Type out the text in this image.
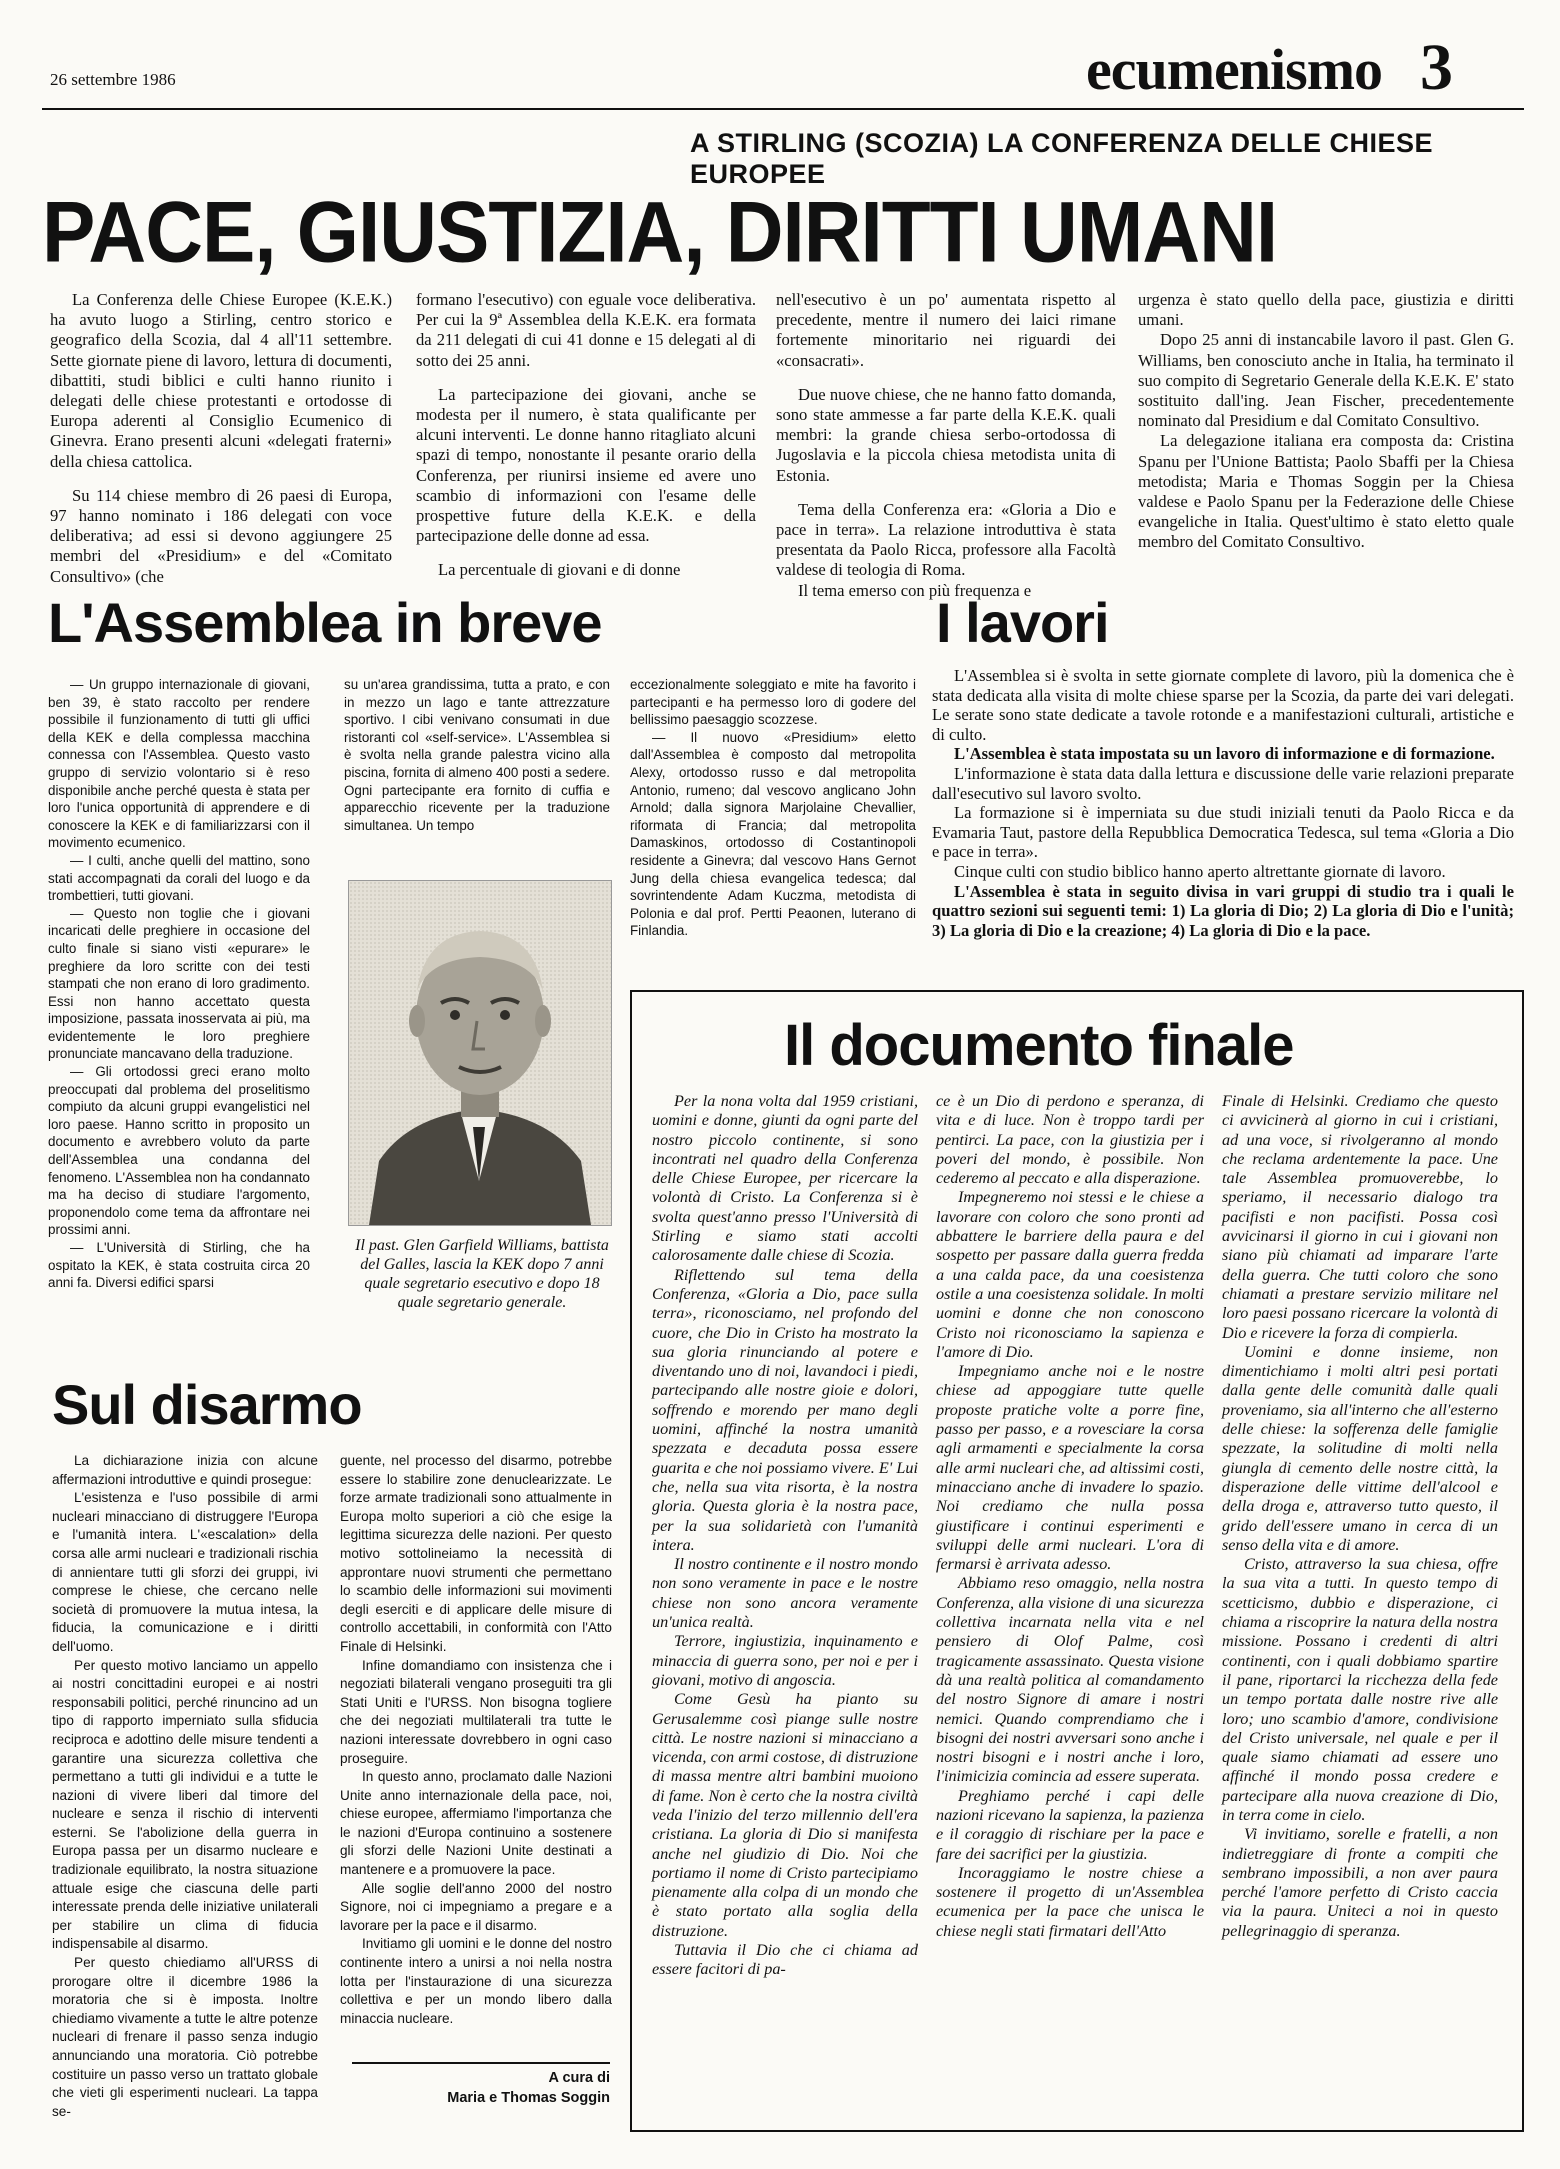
26 settembre 1986	ecumenismo 3
A STIRLING (SCOZIA) LA CONFERENZA DELLE CHIESE EUROPEE
PACE, GIUSTIZIA, DIRITTI UMANI

La Conferenza delle Chiese Europee (K.E.K.) ha avuto luogo a Stirling, centro storico e geografico della Scozia, dal 4 all'11 settembre. Sette giornate piene di lavoro, lettura di documenti, dibattiti, studi biblici e culti hanno riunito i delegati delle chiese protestanti e ortodosse di Europa aderenti al Consiglio Ecumenico di Ginevra. Erano presenti alcuni «delegati fraterni» della chiesa cattolica.

Su 114 chiese membro di 26 paesi di Europa, 97 hanno nominato i 186 delegati con voce deliberativa; ad essi si devono aggiungere 25 membri del «Presidium» e del «Comitato Consultivo» (che

formano l'esecutivo) con eguale voce deliberativa. Per cui la 9ª Assemblea della K.E.K. era formata da 211 delegati di cui 41 donne e 15 delegati al di sotto dei 25 anni.

La partecipazione dei giovani, anche se modesta per il numero, è stata qualificante per alcuni interventi. Le donne hanno ritagliato alcuni spazi di tempo, nonostante il pesante orario della Conferenza, per riunirsi insieme ed avere uno scambio di informazioni con l'esame delle prospettive future della K.E.K. e della partecipazione delle donne ad essa.

La percentuale di giovani e di donne

nell'esecutivo è un po' aumentata rispetto al precedente, mentre il numero dei laici rimane fortemente minoritario nei riguardi dei «consacrati».

Due nuove chiese, che ne hanno fatto domanda, sono state ammesse a far parte della K.E.K. quali membri: la grande chiesa serbo-ortodossa di Jugoslavia e la piccola chiesa metodista unita di Estonia.

Tema della Conferenza era: «Gloria a Dio e pace in terra». La relazione introduttiva è stata presentata da Paolo Ricca, professore alla Facoltà valdese di teologia di Roma.

Il tema emerso con più frequenza e

urgenza è stato quello della pace, giustizia e diritti umani.

Dopo 25 anni di instancabile lavoro il past. Glen G. Williams, ben conosciuto anche in Italia, ha terminato il suo compito di Segretario Generale della K.E.K. E' stato sostituito dall'ing. Jean Fischer, precedentemente nominato dal Presidium e dal Comitato Consultivo.

La delegazione italiana era composta da: Cristina Spanu per l'Unione Battista; Paolo Sbaffi per la Chiesa metodista; Maria e Thomas Soggin per la Chiesa valdese e Paolo Spanu per la Federazione delle Chiese evangeliche in Italia. Quest'ultimo è stato eletto quale membro del Comitato Consultivo.

L'Assemblea in breve

— Un gruppo internazionale di giovani, ben 39, è stato raccolto per rendere possibile il funzionamento di tutti gli uffici della KEK e della complessa macchina connessa con l'Assemblea. Questo vasto gruppo di servizio volontario si è reso disponibile anche perché questa è stata per loro l'unica opportunità di apprendere e di conoscere la KEK e di familiarizzarsi con il movimento ecumenico.

— I culti, anche quelli del mattino, sono stati accompagnati da corali del luogo e da trombettieri, tutti giovani.

— Questo non toglie che i giovani incaricati delle preghiere in occasione del culto finale si siano visti «epurare» le preghiere da loro scritte con dei testi stampati che non erano di loro gradimento. Essi non hanno accettato questa imposizione, passata inosservata ai più, ma evidentemente le loro preghiere pronunciate mancavano della traduzione.

— Gli ortodossi greci erano molto preoccupati dal problema del proselitismo compiuto da alcuni gruppi evangelistici nel loro paese. Hanno scritto in proposito un documento e avrebbero voluto da parte dell'Assemblea una condanna del fenomeno. L'Assemblea non ha condannato ma ha deciso di studiare l'argomento, proponendolo come tema da affrontare nei prossimi anni.

— L'Università di Stirling, che ha ospitato la KEK, è stata costruita circa 20 anni fa. Diversi edifici sparsi

su un'area grandissima, tutta a prato, e con in mezzo un lago e tante attrezzature sportivo. I cibi venivano consumati in due ristoranti col «self-service». L'Assemblea si è svolta nella grande palestra vicino alla piscina, fornita di almeno 400 posti a sedere. Ogni partecipante era fornito di cuffia e apparecchio ricevente per la traduzione simultanea. Un tempo

eccezionalmente soleggiato e mite ha favorito i partecipanti e ha permesso loro di godere del bellissimo paesaggio scozzese.

— Il nuovo «Presidium» eletto dall'Assemblea è composto dal metropolita Alexy, ortodosso russo e dal metropolita Antonio, rumeno; dal vescovo anglicano John Arnold; dalla signora Marjolaine Chevallier, riformata di Francia; dal metropolita Damaskinos, ortodosso di Costantinopoli residente a Ginevra; dal vescovo Hans Gernot Jung della chiesa evangelica tedesca; dal sovrintendente Adam Kuczma, metodista di Polonia e dal prof. Pertti Peaonen, luterano di Finlandia.

Il past. Glen Garfield Williams, battista del Galles, lascia la KEK dopo 7 anni quale segretario esecutivo e dopo 18 quale segretario generale.
I lavori

L'Assemblea si è svolta in sette giornate complete di lavoro, più la domenica che è stata dedicata alla visita di molte chiese sparse per la Scozia, da parte dei vari delegati. Le serate sono state dedicate a tavole rotonde e a manifestazioni culturali, artistiche e di culto.

L'Assemblea è stata impostata su un lavoro di informazione e di formazione.

L'informazione è stata data dalla lettura e discussione delle varie relazioni preparate dall'esecutivo sul lavoro svolto.

La formazione si è imperniata su due studi iniziali tenuti da Paolo Ricca e da Evamaria Taut, pastore della Repubblica Democratica Tedesca, sul tema «Gloria a Dio e pace in terra».

Cinque culti con studio biblico hanno aperto altrettante giornate di lavoro.

L'Assemblea è stata in seguito divisa in vari gruppi di studio tra i quali le quattro sezioni sui seguenti temi: 1) La gloria di Dio; 2) La gloria di Dio e l'unità; 3) La gloria di Dio e la creazione; 4) La gloria di Dio e la pace.

Il documento finale

Per la nona volta dal 1959 cristiani, uomini e donne, giunti da ogni parte del nostro piccolo continente, si sono incontrati nel quadro della Conferenza delle Chiese Europee, per ricercare la volontà di Cristo. La Conferenza si è svolta quest'anno presso l'Università di Stirling e siamo stati accolti calorosamente dalle chiese di Scozia.

Riflettendo sul tema della Conferenza, «Gloria a Dio, pace sulla terra», riconosciamo, nel profondo del cuore, che Dio in Cristo ha mostrato la sua gloria rinunciando al potere e diventando uno di noi, lavandoci i piedi, partecipando alle nostre gioie e dolori, soffrendo e morendo per mano degli uomini, affinché la nostra umanità spezzata e decaduta possa essere guarita e che noi possiamo vivere. E' Lui che, nella sua vita risorta, è la nostra gloria. Questa gloria è la nostra pace, per la sua solidarietà con l'umanità intera.

Il nostro continente e il nostro mondo non sono veramente in pace e le nostre chiese non sono ancora veramente un'unica realtà.

Terrore, ingiustizia, inquinamento e minaccia di guerra sono, per noi e per i giovani, motivo di angoscia.

Come Gesù ha pianto su Gerusalemme così piange sulle nostre città. Le nostre nazioni si minacciano a vicenda, con armi costose, di distruzione di massa mentre altri bambini muoiono di fame. Non è certo che la nostra civiltà veda l'inizio del terzo millennio dell'era cristiana. La gloria di Dio si manifesta anche nel giudizio di Dio. Noi che portiamo il nome di Cristo partecipiamo pienamente alla colpa di un mondo che è stato portato alla soglia della distruzione.

Tuttavia il Dio che ci chiama ad essere facitori di pa-

ce è un Dio di perdono e speranza, di vita e di luce. Non è troppo tardi per pentirci. La pace, con la giustizia per i poveri del mondo, è possibile. Non cederemo al peccato e alla disperazione.

Impegneremo noi stessi e le chiese a lavorare con coloro che sono pronti ad abbattere le barriere della paura e del sospetto per passare dalla guerra fredda a una calda pace, da una coesistenza ostile a una coesistenza solidale. In molti uomini e donne che non conoscono Cristo noi riconosciamo la sapienza e l'amore di Dio.

Impegniamo anche noi e le nostre chiese ad appoggiare tutte quelle proposte pratiche volte a porre fine, passo per passo, e a rovesciare la corsa agli armamenti e specialmente la corsa alle armi nucleari che, ad altissimi costi, minacciano anche di invadere lo spazio. Noi crediamo che nulla possa giustificare i continui esperimenti e sviluppi delle armi nucleari. L'ora di fermarsi è arrivata adesso.

Abbiamo reso omaggio, nella nostra Conferenza, alla visione di una sicurezza collettiva incarnata nella vita e nel pensiero di Olof Palme, così tragicamente assassinato. Questa visione dà una realtà politica al comandamento del nostro Signore di amare i nostri nemici. Quando comprendiamo che i bisogni dei nostri avversari sono anche i nostri bisogni e i nostri anche i loro, l'inimicizia comincia ad essere superata.

Preghiamo perché i capi delle nazioni ricevano la sapienza, la pazienza e il coraggio di rischiare per la pace e fare dei sacrifici per la giustizia.

Incoraggiamo le nostre chiese a sostenere il progetto di un'Assemblea ecumenica per la pace che unisca le chiese negli stati firmatari dell'Atto

Finale di Helsinki. Crediamo che questo ci avvicinerà al giorno in cui i cristiani, ad una voce, si rivolgeranno al mondo che reclama ardentemente la pace. Une tale Assemblea promuoverebbe, lo speriamo, il necessario dialogo tra pacifisti e non pacifisti. Possa così avvicinarsi il giorno in cui i giovani non siano più chiamati ad imparare l'arte della guerra. Che tutti coloro che sono chiamati a prestare servizio militare nel loro paesi possano ricercare la volontà di Dio e ricevere la forza di compierla.

Uomini e donne insieme, non dimentichiamo i molti altri pesi portati dalla gente delle comunità dalle quali proveniamo, sia all'interno che all'esterno delle chiese: la sofferenza delle famiglie spezzate, la solitudine di molti nella giungla di cemento delle nostre città, la disperazione delle vittime dell'alcool e della droga e, attraverso tutto questo, il grido dell'essere umano in cerca di un senso della vita e di amore.

Cristo, attraverso la sua chiesa, offre la sua vita a tutti. In questo tempo di scetticismo, dubbio e disperazione, ci chiama a riscoprire la natura della nostra missione. Possano i credenti di altri continenti, con i quali dobbiamo spartire il pane, riportarci la ricchezza della fede un tempo portata dalle nostre rive alle loro; uno scambio d'amore, condivisione del Cristo universale, nel quale e per il quale siamo chiamati ad essere uno affinché il mondo possa credere e partecipare alla nuova creazione di Dio, in terra come in cielo.

Vi invitiamo, sorelle e fratelli, a non indietreggiare di fronte a compiti che sembrano impossibili, a non aver paura perché l'amore perfetto di Cristo caccia via la paura. Uniteci a noi in questo pellegrinaggio di speranza.

Sul disarmo

La dichiarazione inizia con alcune affermazioni introduttive e quindi prosegue:

L'esistenza e l'uso possibile di armi nucleari minacciano di distruggere l'Europa e l'umanità intera. L'«escalation» della corsa alle armi nucleari e tradizionali rischia di annientare tutti gli sforzi dei gruppi, ivi comprese le chiese, che cercano nelle società di promuovere la mutua intesa, la fiducia, la comunicazione e i diritti dell'uomo.

Per questo motivo lanciamo un appello ai nostri concittadini europei e ai nostri responsabili politici, perché rinuncino ad un tipo di rapporto imperniato sulla sfiducia reciproca e adottino delle misure tendenti a garantire una sicurezza collettiva che permettano a tutti gli individui e a tutte le nazioni di vivere liberi dal timore del nucleare e senza il rischio di interventi esterni. Se l'abolizione della guerra in Europa passa per un disarmo nucleare e tradizionale equilibrato, la nostra situazione attuale esige che ciascuna delle parti interessate prenda delle iniziative unilaterali per stabilire un clima di fiducia indispensabile al disarmo.

Per questo chiediamo all'URSS di prorogare oltre il dicembre 1986 la moratoria che si è imposta. Inoltre chiediamo vivamente a tutte le altre potenze nucleari di frenare il passo senza indugio annunciando una moratoria. Ciò potrebbe costituire un passo verso un trattato globale che vieti gli esperimenti nucleari. La tappa se-

guente, nel processo del disarmo, potrebbe essere lo stabilire zone denuclearizzate. Le forze armate tradizionali sono attualmente in Europa molto superiori a ciò che esige la legittima sicurezza delle nazioni. Per questo motivo sottolineiamo la necessità di approntare nuovi strumenti che permettano lo scambio delle informazioni sui movimenti degli eserciti e di applicare delle misure di controllo accettabili, in conformità con l'Atto Finale di Helsinki.

Infine domandiamo con insistenza che i negoziati bilaterali vengano proseguiti tra gli Stati Uniti e l'URSS. Non bisogna togliere che dei negoziati multilaterali tra tutte le nazioni interessate dovrebbero in ogni caso proseguire.

In questo anno, proclamato dalle Nazioni Unite anno internazionale della pace, noi, chiese europee, affermiamo l'importanza che le nazioni d'Europa continuino a sostenere gli sforzi delle Nazioni Unite destinati a mantenere e a promuovere la pace.

Alle soglie dell'anno 2000 del nostro Signore, noi ci impegniamo a pregare e a lavorare per la pace e il disarmo.

Invitiamo gli uomini e le donne del nostro continente intero a unirsi a noi nella nostra lotta per l'instaurazione di una sicurezza collettiva e per un mondo libero dalla minaccia nucleare.

A cura di
Maria e Thomas Soggin
